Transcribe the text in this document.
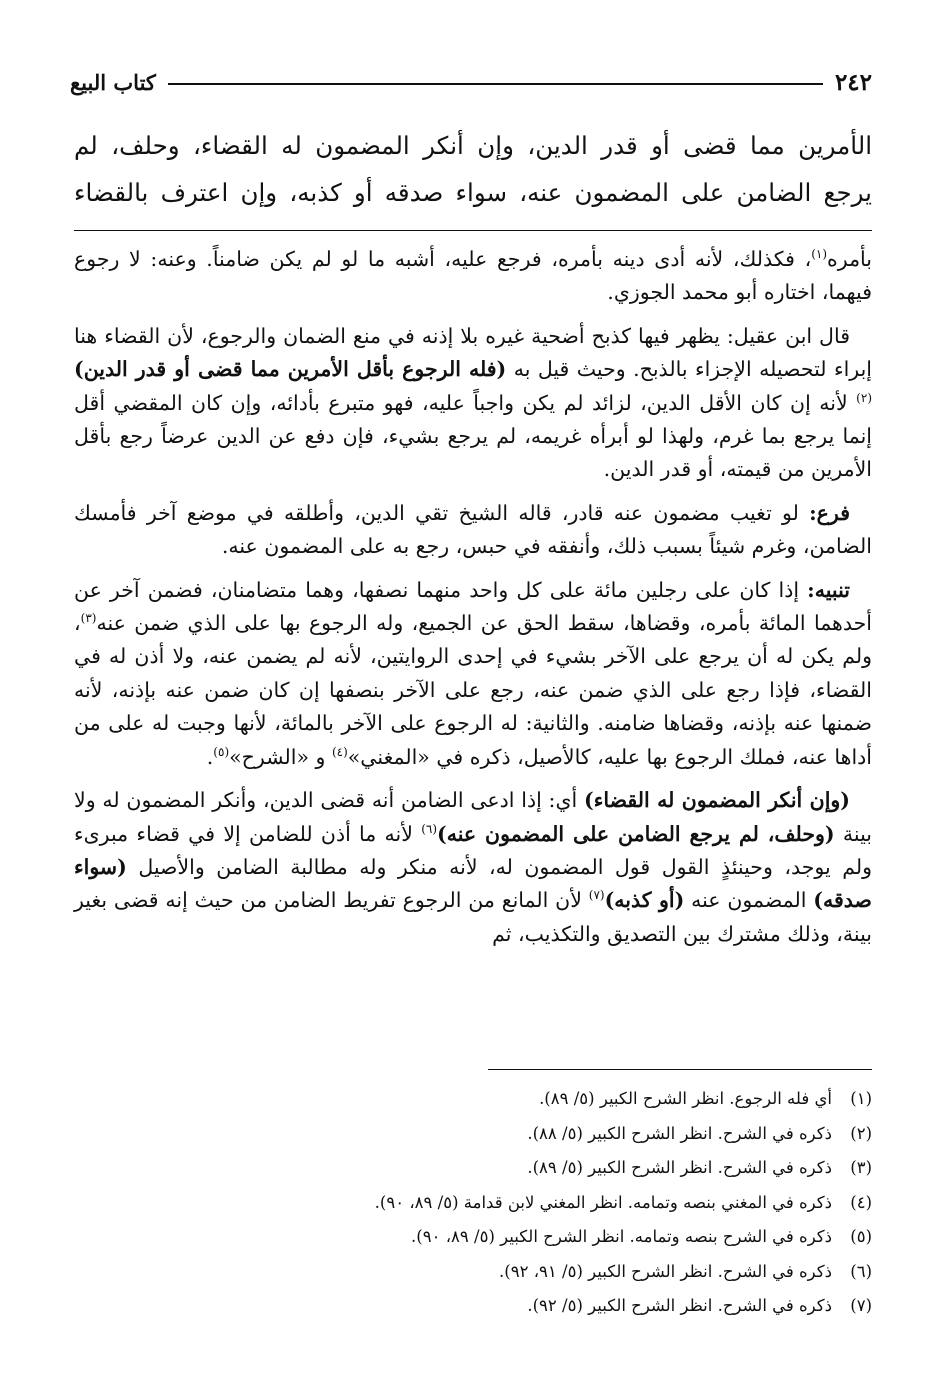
٢٤٢
كتاب البيع

الأمرين مما قضى أو قدر الدين، وإن أنكر المضمون له القضاء، وحلف، لم

يرجع الضامن على المضمون عنه، سواء صدقه أو كذبه، وإن اعترف بالقضاء

بأمره$^{(١)}$، فكذلك، لأنه أدى دينه بأمره، فرجع عليه، أشبه ما لو لم يكن ضامناً. وعنه: لا رجوع فيهما، اختاره أبو محمد الجوزي.

قال ابن عقيل: يظهر فيها كذبح أضحية غيره بلا إذنه في منع الضمان والرجوع، لأن القضاء هنا إبراء لتحصيله الإجزاء بالذبح. وحيث قيل به (فله الرجوع بأقل الأمرين مما قضى أو قدر الدين)$^{(٢)}$ لأنه إن كان الأقل الدين، لزائد لم يكن واجباً عليه، فهو متبرع بأدائه، وإن كان المقضي أقل إنما يرجع بما غرم، ولهذا لو أبرأه غريمه، لم يرجع بشيء، فإن دفع عن الدين عرضاً رجع بأقل الأمرين من قيمته، أو قدر الدين.

فرع: لو تغيب مضمون عنه قادر، قاله الشيخ تقي الدين، وأطلقه في موضع آخر فأمسك الضامن، وغرم شيئاً بسبب ذلك، وأنفقه في حبس، رجع به على المضمون عنه.

تنبيه: إذا كان على رجلين مائة على كل واحد منهما نصفها، وهما متضامنان، فضمن آخر عن أحدهما المائة بأمره، وقضاها، سقط الحق عن الجميع، وله الرجوع بها على الذي ضمن عنه$^{(٣)}$، ولم يكن له أن يرجع على الآخر بشيء في إحدى الروايتين، لأنه لم يضمن عنه، ولا أذن له في القضاء، فإذا رجع على الذي ضمن عنه، رجع على الآخر بنصفها إن كان ضمن عنه بإذنه، لأنه ضمنها عنه بإذنه، وقضاها ضامنه. والثانية: له الرجوع على الآخر بالمائة، لأنها وجبت له على من أداها عنه، فملك الرجوع بها عليه، كالأصيل، ذكره في «المغني»$^{(٤)}$ و «الشرح»$^{(٥)}$.

(وإن أنكر المضمون له القضاء) أي: إذا ادعى الضامن أنه قضى الدين، وأنكر المضمون له ولا بينة (وحلف، لم يرجع الضامن على المضمون عنه)$^{(٦)}$ لأنه ما أذن للضامن إلا في قضاء مبرىء ولم يوجد، وحينئذٍ القول قول المضمون له، لأنه منكر وله مطالبة الضامن والأصيل (سواء صدقه) المضمون عنه (أو كذبه)$^{(٧)}$ لأن المانع من الرجوع تفريط الضامن من حيث إنه قضى بغير بينة، وذلك مشترك بين التصديق والتكذيب، ثم

(١)
أي فله الرجوع. انظر الشرح الكبير (٥/ ٨٩).
(٢)
ذكره في الشرح. انظر الشرح الكبير (٥/ ٨٨).
(٣)
ذكره في الشرح. انظر الشرح الكبير (٥/ ٨٩).
(٤)
ذكره في المغني بنصه وتمامه. انظر المغني لابن قدامة (٥/ ٨٩، ٩٠).
(٥)
ذكره في الشرح بنصه وتمامه. انظر الشرح الكبير (٥/ ٨٩، ٩٠).
(٦)
ذكره في الشرح. انظر الشرح الكبير (٥/ ٩١، ٩٢).
(٧)
ذكره في الشرح. انظر الشرح الكبير (٥/ ٩٢).
